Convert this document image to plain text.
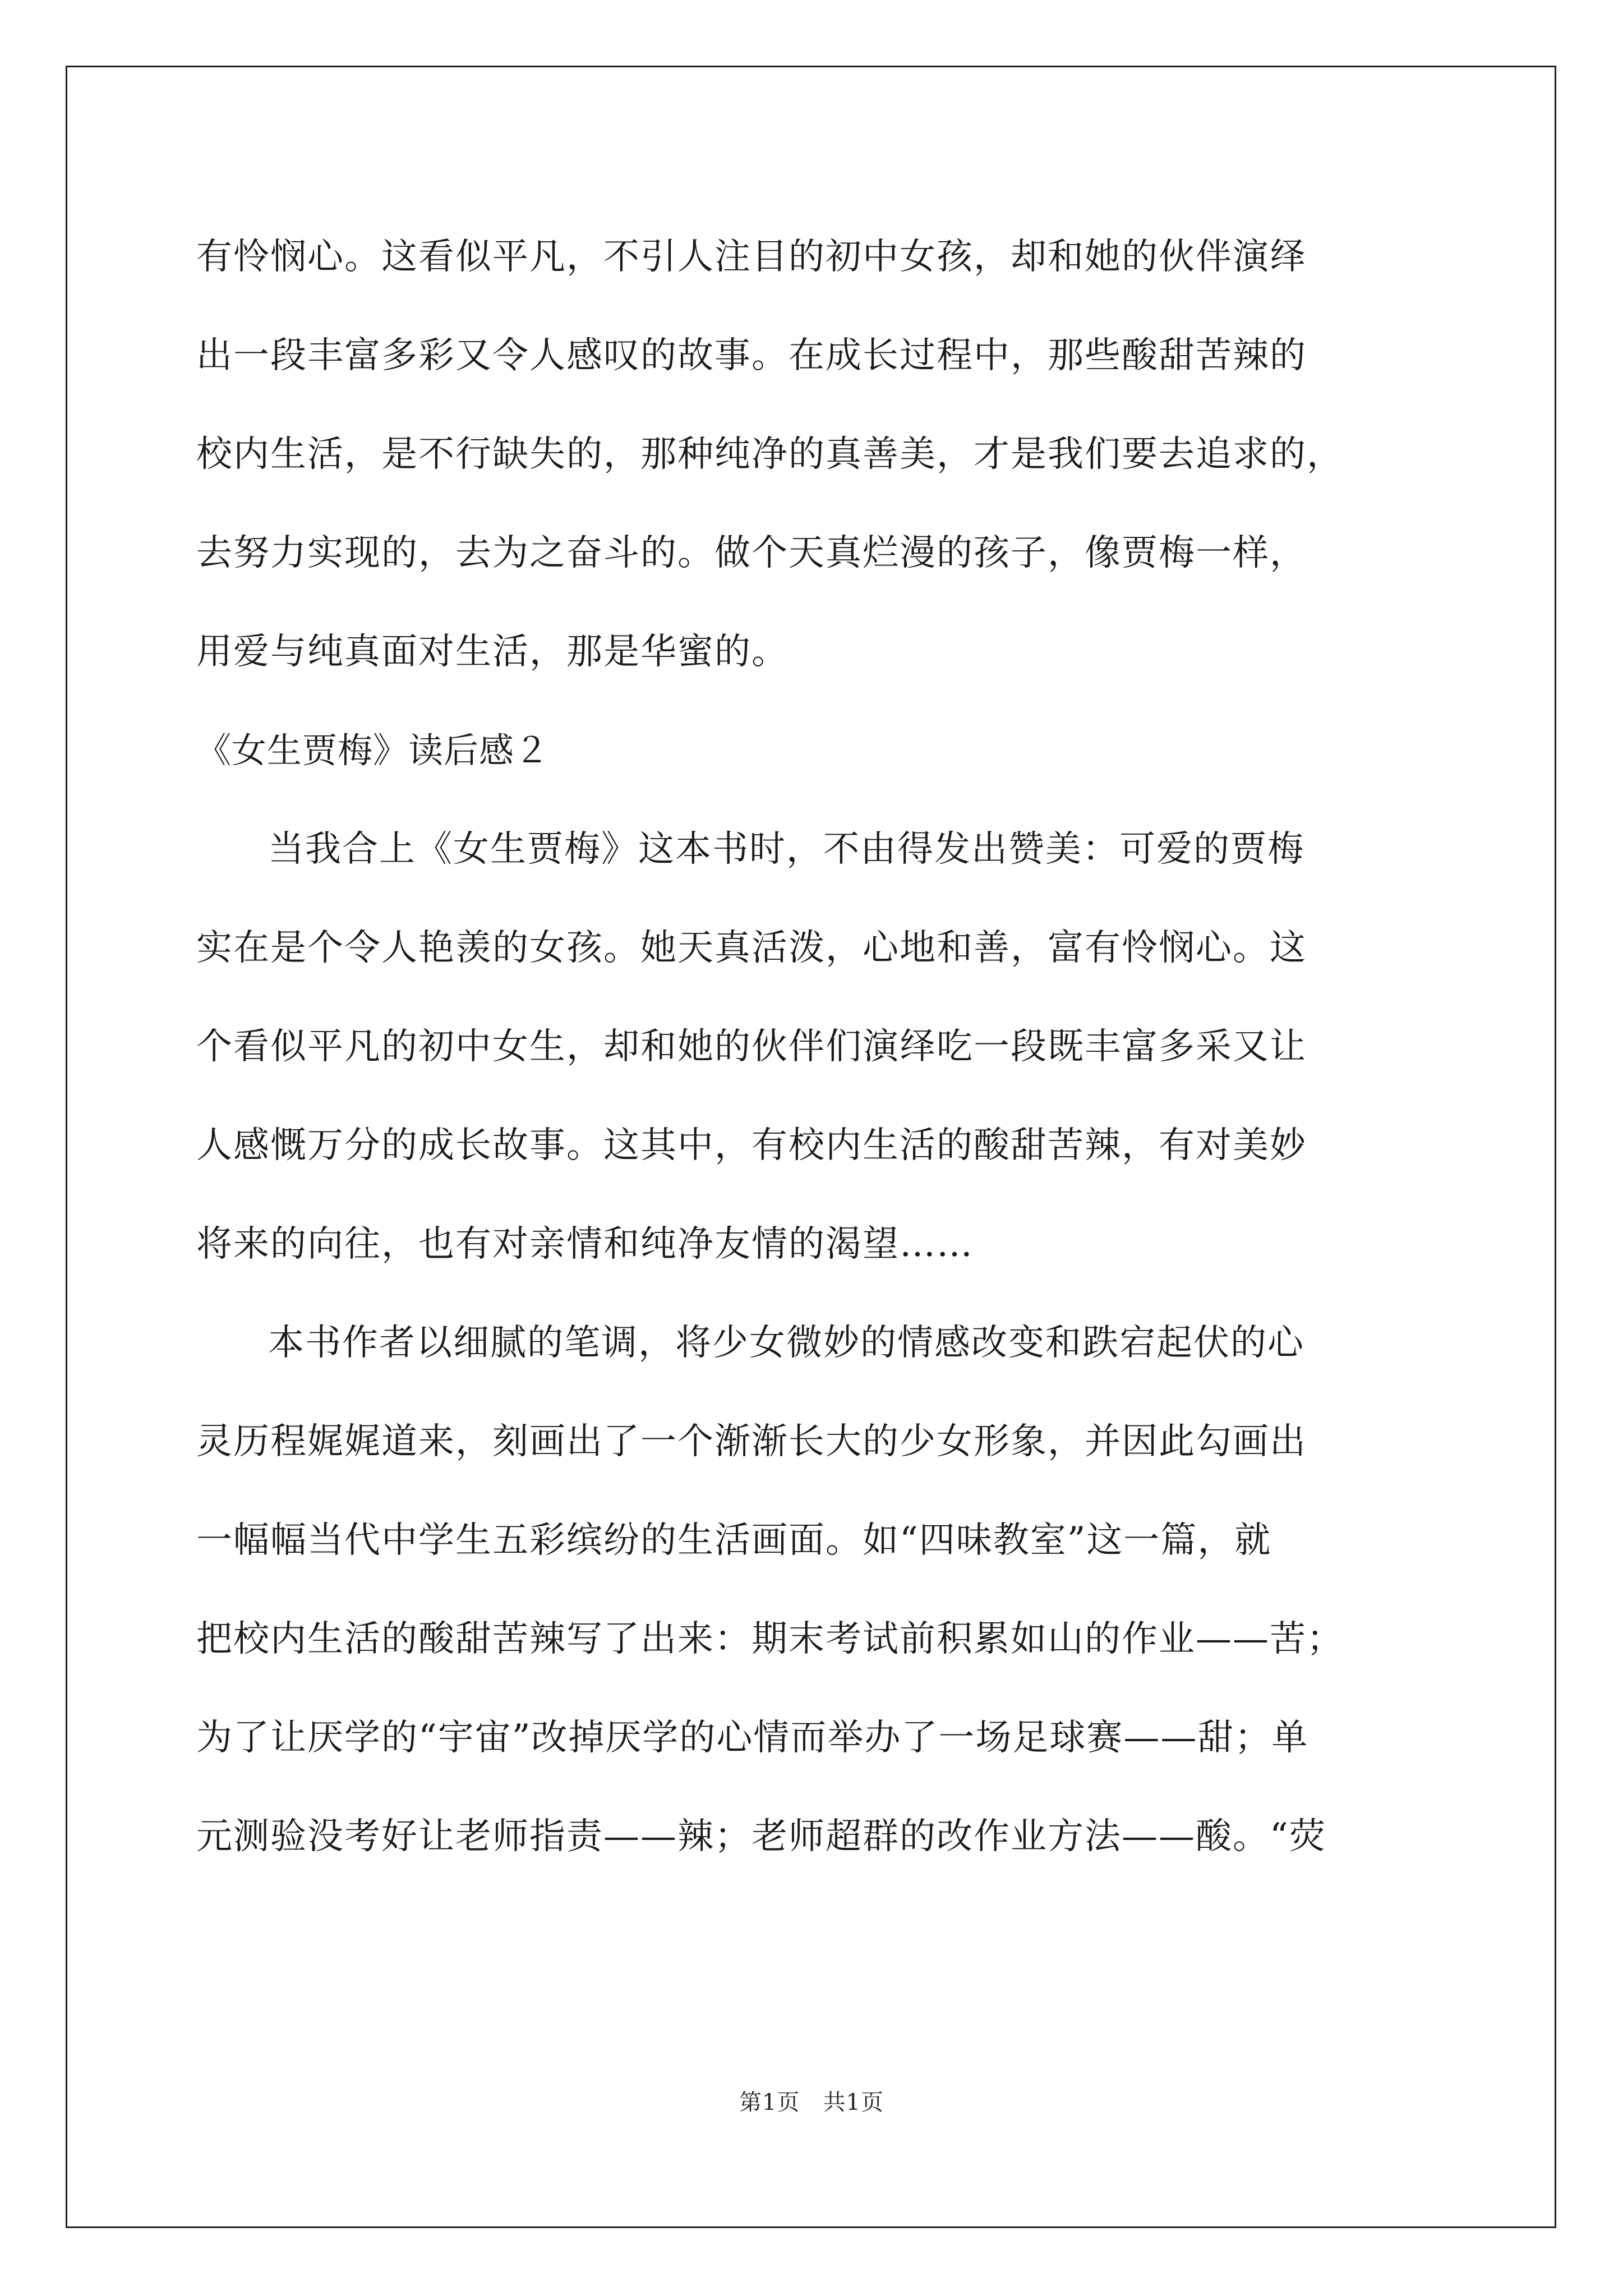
有怜悯心。这看似平凡，不引人注目的初中女孩，却和她的伙伴演绎
出一段丰富多彩又令人感叹的故事。在成长过程中，那些酸甜苦辣的
校内生活，是不行缺失的，那种纯净的真善美，才是我们要去追求的，
去努力实现的，去为之奋斗的。做个天真烂漫的孩子，像贾梅一样，
用爱与纯真面对生活，那是华蜜的。
《女生贾梅》读后感２
当我合上《女生贾梅》这本书时，不由得发出赞美：可爱的贾梅
实在是个令人艳羡的女孩。她天真活泼，心地和善，富有怜悯心。这
个看似平凡的初中女生，却和她的伙伴们演绎吃一段既丰富多采又让
人感慨万分的成长故事。这其中，有校内生活的酸甜苦辣，有对美妙
将来的向往，也有对亲情和纯净友情的渴望……
本书作者以细腻的笔调，将少女微妙的情感改变和跌宕起伏的心
灵历程娓娓道来，刻画出了一个渐渐长大的少女形象，并因此勾画出
一幅幅当代中学生五彩缤纷的生活画面。如“四味教室”这一篇，就
把校内生活的酸甜苦辣写了出来：期末考试前积累如山的作业——苦；
为了让厌学的“宇宙”改掉厌学的心情而举办了一场足球赛——甜；单
元测验没考好让老师指责——辣；老师超群的改作业方法——酸。“荧
第1页　共1页
